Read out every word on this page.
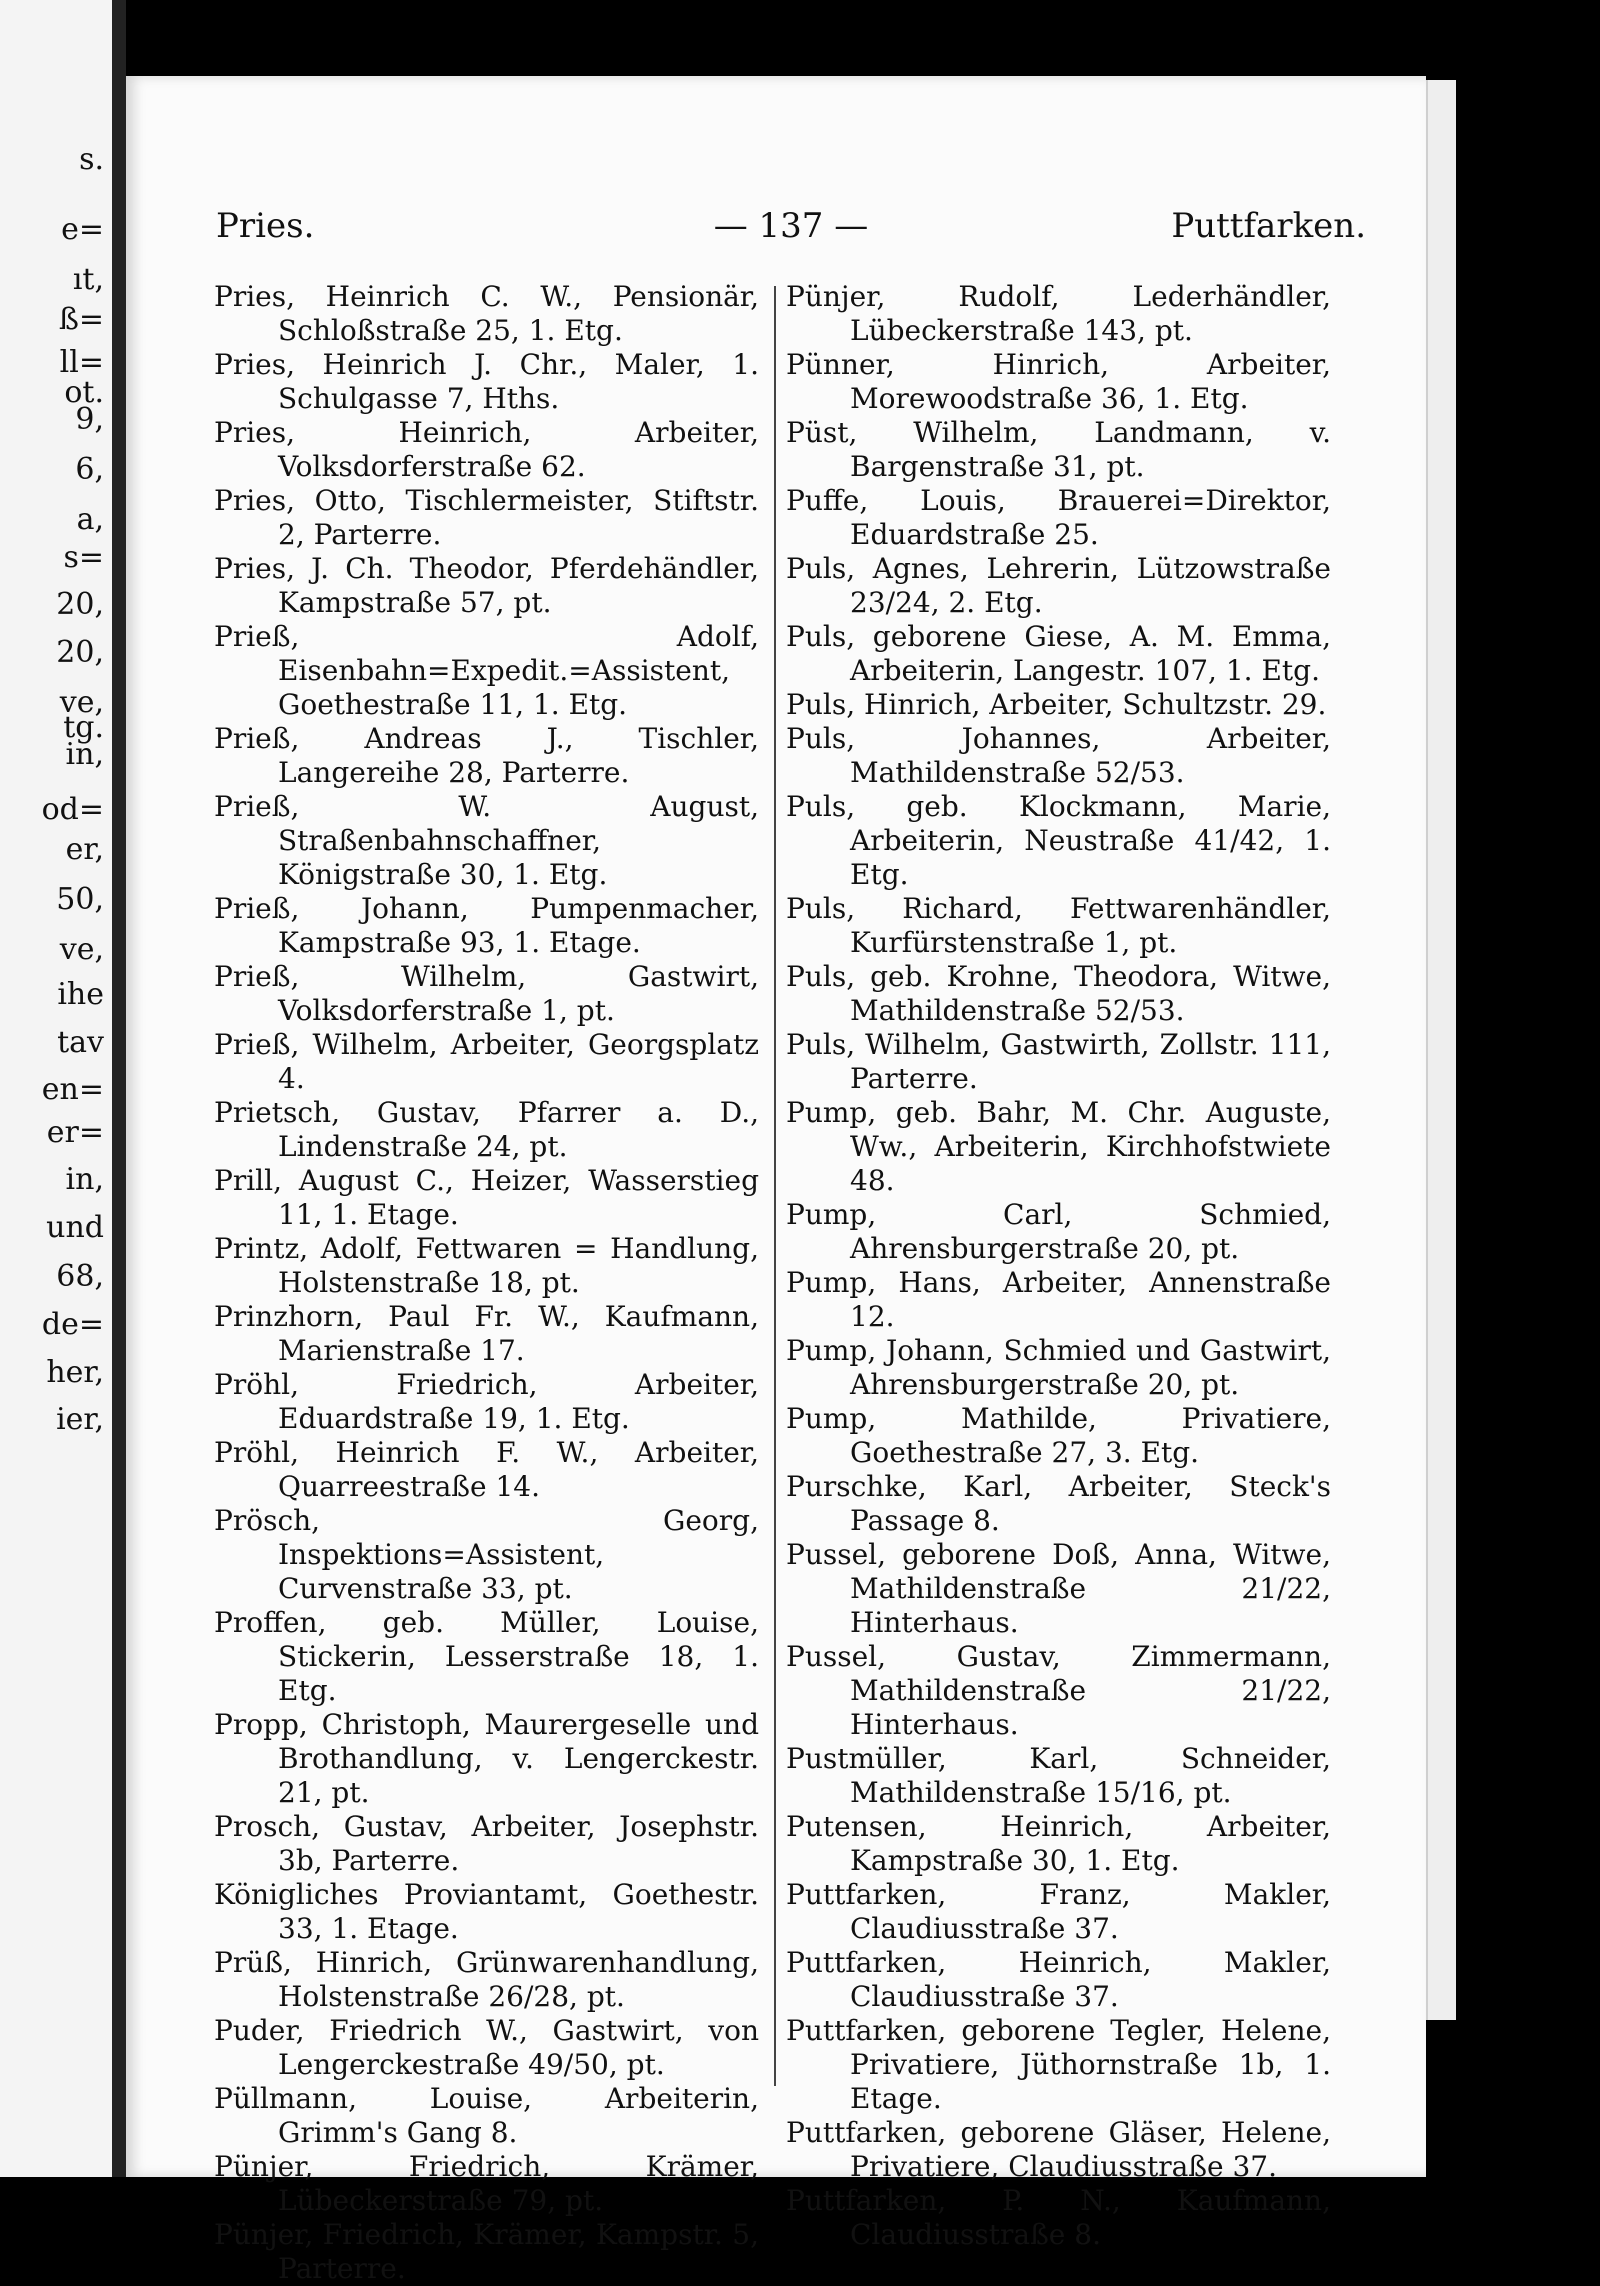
s.
e=
ıt,
ß=
ll=
ot.
9,
6,
a,
s=
20,
20,
ve,
tg.
in,
od=
er,
50,
ve,
ihe
tav
en=
er=
in,
und
68,
de=
her,
ier,
Pries.	— 137 —	Puttfarken.
Pries, Heinrich C. W., Pensionär, Schloßstraße 25, 1. Etg.
Pries, Heinrich J. Chr., Maler, 1. Schulgasse 7, Hths.
Pries, Heinrich, Arbeiter, Volksdorferstraße 62.
Pries, Otto, Tischlermeister, Stiftstr. 2, Parterre.
Pries, J. Ch. Theodor, Pferdehändler, Kampstraße 57, pt.
Prieß, Adolf, Eisenbahn=Expedit.=Assistent, Goethestraße 11, 1. Etg.
Prieß, Andreas J., Tischler, Langereihe 28, Parterre.
Prieß, W. August, Straßenbahnschaffner, Königstraße 30, 1. Etg.
Prieß, Johann, Pumpenmacher, Kampstraße 93, 1. Etage.
Prieß, Wilhelm, Gastwirt, Volksdorferstraße 1, pt.
Prieß, Wilhelm, Arbeiter, Georgsplatz 4.
Prietsch, Gustav, Pfarrer a. D., Lindenstraße 24, pt.
Prill, August C., Heizer, Wasserstieg 11, 1. Etage.
Printz, Adolf, Fettwaren = Handlung, Holstenstraße 18, pt.
Prinzhorn, Paul Fr. W., Kaufmann, Marienstraße 17.
Pröhl, Friedrich, Arbeiter, Eduardstraße 19, 1. Etg.
Pröhl, Heinrich F. W., Arbeiter, Quarreestraße 14.
Prösch, Georg, Inspektions=Assistent, Curvenstraße 33, pt.
Proffen, geb. Müller, Louise, Stickerin, Lesserstraße 18, 1. Etg.
Propp, Christoph, Maurergeselle und Brothandlung, v. Lengerckestr. 21, pt.
Prosch, Gustav, Arbeiter, Josephstr. 3b, Parterre.
Königliches Proviantamt, Goethestr. 33, 1. Etage.
Prüß, Hinrich, Grünwarenhandlung, Holstenstraße 26/28, pt.
Puder, Friedrich W., Gastwirt, von Lengerckestraße 49/50, pt.
Püllmann, Louise, Arbeiterin, Grimm's Gang 8.
Pünjer, Friedrich, Krämer, Lübeckerstraße 79, pt.
Pünjer, Friedrich, Krämer, Kampstr. 5, Parterre.
Pünjer, Rudolf, Lederhändler, Lübeckerstraße 143, pt.
Pünner, Hinrich, Arbeiter, Morewoodstraße 36, 1. Etg.
Püst, Wilhelm, Landmann, v. Bargenstraße 31, pt.
Puffe, Louis, Brauerei=Direktor, Eduardstraße 25.
Puls, Agnes, Lehrerin, Lützowstraße 23/24, 2. Etg.
Puls, geborene Giese, A. M. Emma, Arbeiterin, Langestr. 107, 1. Etg.
Puls, Hinrich, Arbeiter, Schultzstr. 29.
Puls, Johannes, Arbeiter, Mathildenstraße 52/53.
Puls, geb. Klockmann, Marie, Arbeiterin, Neustraße 41/42, 1. Etg.
Puls, Richard, Fettwarenhändler, Kurfürstenstraße 1, pt.
Puls, geb. Krohne, Theodora, Witwe, Mathildenstraße 52/53.
Puls, Wilhelm, Gastwirth, Zollstr. 111, Parterre.
Pump, geb. Bahr, M. Chr. Auguste, Ww., Arbeiterin, Kirchhofstwiete 48.
Pump, Carl, Schmied, Ahrensburgerstraße 20, pt.
Pump, Hans, Arbeiter, Annenstraße 12.
Pump, Johann, Schmied und Gastwirt, Ahrensburgerstraße 20, pt.
Pump, Mathilde, Privatiere, Goethestraße 27, 3. Etg.
Purschke, Karl, Arbeiter, Steck's Passage 8.
Pussel, geborene Doß, Anna, Witwe, Mathildenstraße 21/22, Hinterhaus.
Pussel, Gustav, Zimmermann, Mathildenstraße 21/22, Hinterhaus.
Pustmüller, Karl, Schneider, Mathildenstraße 15/16, pt.
Putensen, Heinrich, Arbeiter, Kampstraße 30, 1. Etg.
Puttfarken, Franz, Makler, Claudiusstraße 37.
Puttfarken, Heinrich, Makler, Claudiusstraße 37.
Puttfarken, geborene Tegler, Helene, Privatiere, Jüthornstraße 1b, 1. Etage.
Puttfarken, geborene Gläser, Helene, Privatiere, Claudiusstraße 37.
Puttfarken, P. N., Kaufmann, Claudiusstraße 8.
